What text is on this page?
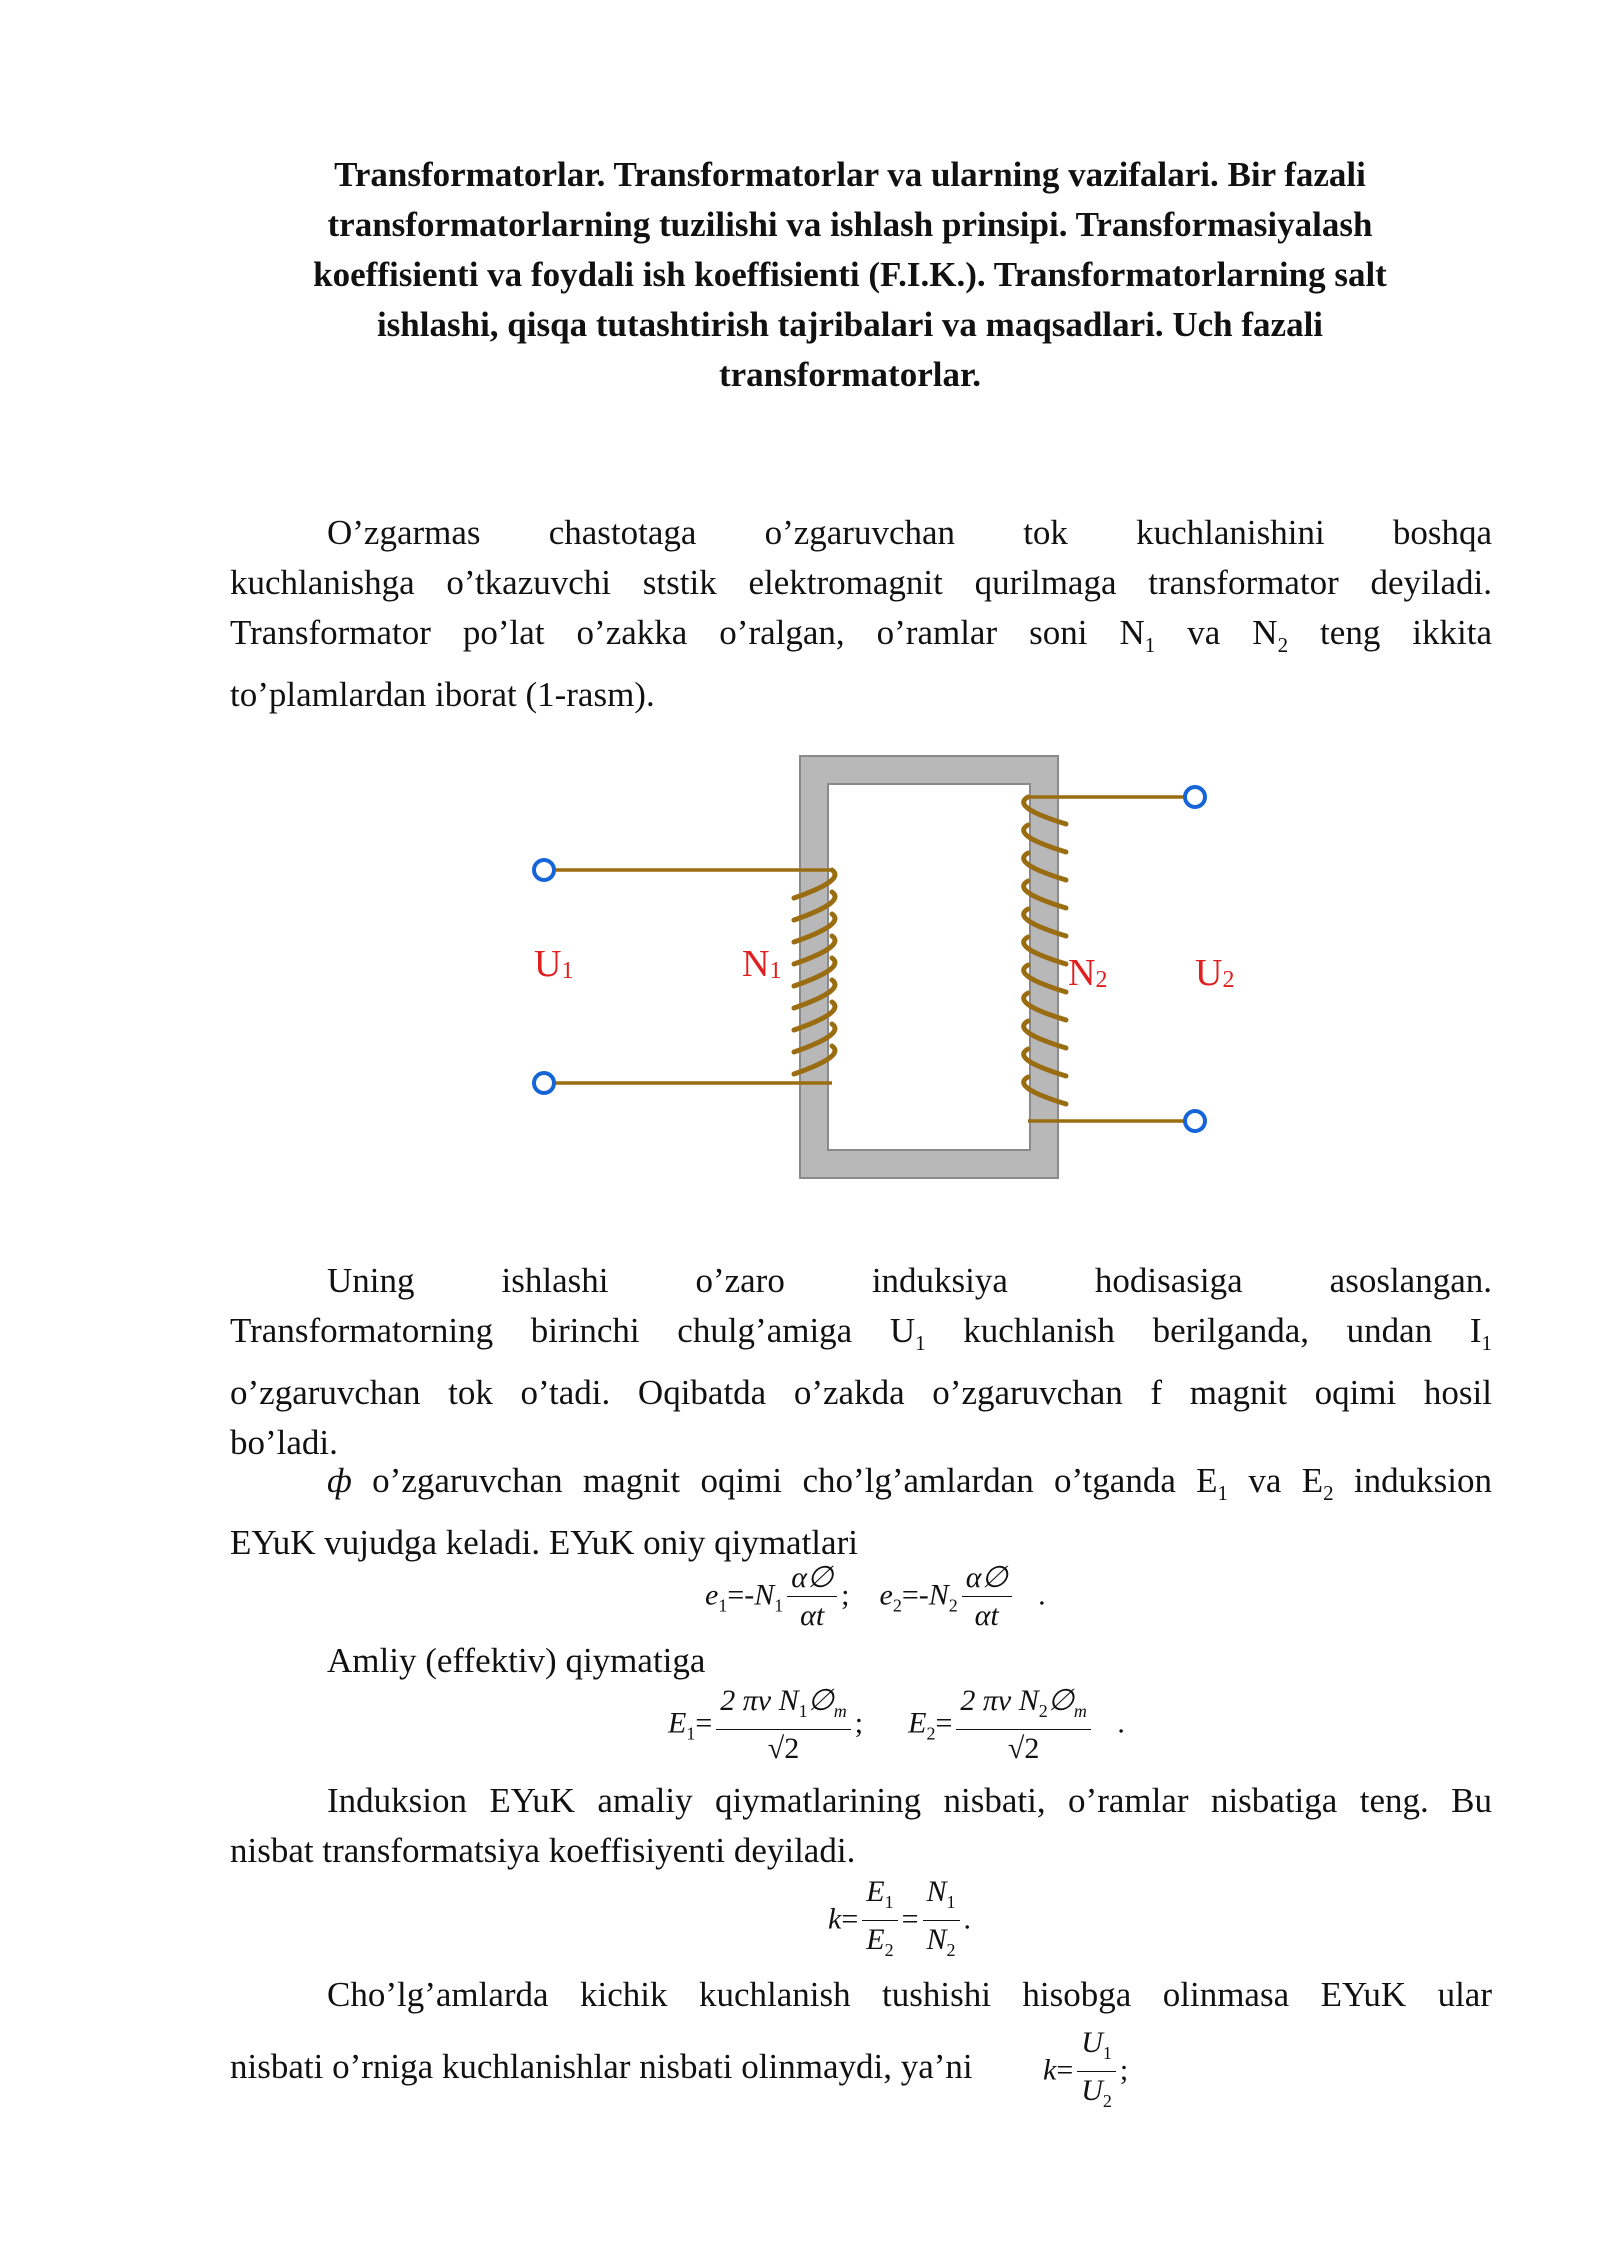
Transformatorlar. Transformatorlar va ularning vazifalari. Bir fazali transformatorlarning tuzilishi va ishlash prinsipi. Transformasiyalash koeffisienti va foydali ish koeffisienti (F.I.K.). Transformatorlarning salt ishlashi, qisqa tutashtirish tajribalari va maqsadlari. Uch fazali transformatorlar.
O’zgarmas chastotaga o’zgaruvchan tok kuchlanishini boshqa
kuchlanishga o’tkazuvchi ststik elektromagnit qurilmaga transformator deyiladi.
Transformator po’lat o’zakka o’ralgan, o’ramlar soni $N_1$ va $N_2$ teng ikkita
to’plamlardan iborat (1-rasm).
U1	N1	N2 U2
Uning ishlashi o’zaro induksiya hodisasiga asoslangan.
Transformatorning birinchi chulg’amiga $U_1$ kuchlanish berilganda, undan $I_1$
o’zgaruvchan tok o’tadi. Oqibatda o’zakda o’zgaruvchan f magnit oqimi hosil
bo’ladi.
ф o’zgaruvchan magnit oqimi cho’lg’amlardan o’tganda $E_1$ va $E_2$ induksion
EYuK vujudga keladi. EYuK oniy qiymatlari
$e_1=-N_1 \frac{\alpha\emptyset}{\alpha t}$ ; $e_2=-N_2 \frac{\alpha\emptyset}{\alpha t}$ .
Amliy (effektiv) qiymatiga
$E_1= \frac{2 \pi v N_1\emptyset_m}{√2}$ ; $E_2= \frac{2 \pi v N_2\emptyset_m}{√2}$ .
Induksion EYuK amaliy qiymatlarining nisbati, o’ramlar nisbatiga teng. Bu
nisbat transformatsiya koeffisiyenti deyiladi.
$k= \frac{E_1}{E_2} = \frac{N_1}{N_2}$ .
Cho’lg’amlarda kichik kuchlanish tushishi hisobga olinmasa EYuK ular
nisbati o’rniga kuchlanishlar nisbati olinmaydi, ya’ni $k= \frac{U_1}{U_2}$ ;
